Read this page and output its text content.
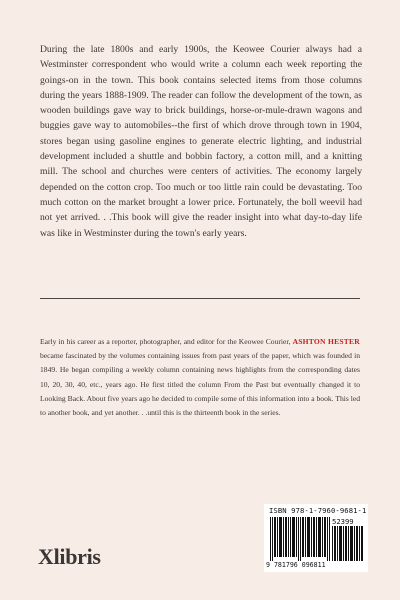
During the late 1800s and early 1900s, the Keowee Courier always had a Westminster correspondent who would write a column each week reporting the goings-on in the town. This book contains selected items from those columns during the years 1888-1909. The reader can follow the development of the town, as wooden buildings gave way to brick buildings, horse-or-mule-drawn wagons and buggies gave way to automobiles--the first of which drove through town in 1904, stores began using gasoline engines to generate electric lighting, and industrial development included a shuttle and bobbin factory, a cotton mill, and a knitting mill. The school and churches were centers of activities. The economy largely depended on the cotton crop. Too much or too little rain could be devastating. Too much cotton on the market brought a lower price. Fortunately, the boll weevil had not yet arrived. . .This book will give the reader insight into what day-to-day life was like in Westminster during the town's early years.

Early in his career as a reporter, photographer, and editor for the Keowee Courier, ASHTON HESTER became fascinated by the volumes containing issues from past years of the paper, which was founded in 1849. He began compiling a weekly column containing news highlights from the corresponding dates 10, 20, 30, 40, etc., years ago. He first titled the column From the Past but eventually changed it to Looking Back. About five years ago he decided to compile some of this information into a book. This led to another book, and yet another. . .until this is the thirteenth book in the series.

Xlibris
ISBN 978-1-7960-9681-1
52399
9 781796 096811
